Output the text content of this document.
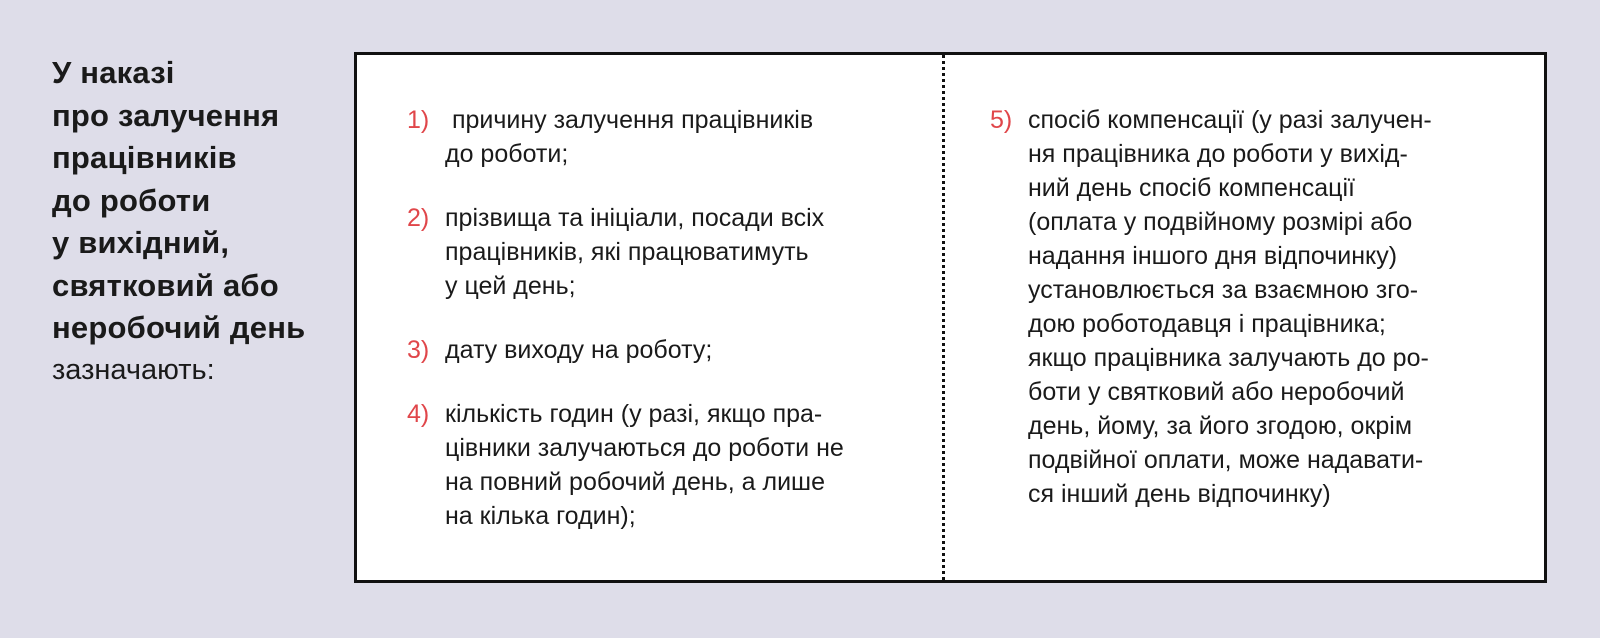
У наказі
про залучення
працівників
до роботи
у вихідний,
святковий або
неробочий день
зазначають:
1) причину залучення працівників
до роботи;
2) прізвища та ініціали, посади всіх
працівників, які працюватимуть
у цей день;
3) дату виходу на роботу;
4) кількість годин (у разі, якщо пра-
цівники залучаються до роботи не
на повний робочий день, а лише
на кілька годин);
5) спосіб компенсації (у разі залучен-
ня працівника до роботи у вихід-
ний день спосіб компенсації
(оплата у подвійному розмірі або
надання іншого дня відпочинку)
установлюється за взаємною зго-
дою роботодавця і працівника;
якщо працівника залучають до ро-
боти у святковий або неробочий
день, йому, за його згодою, окрім
подвійної оплати, може надавати-
ся інший день відпочинку)
